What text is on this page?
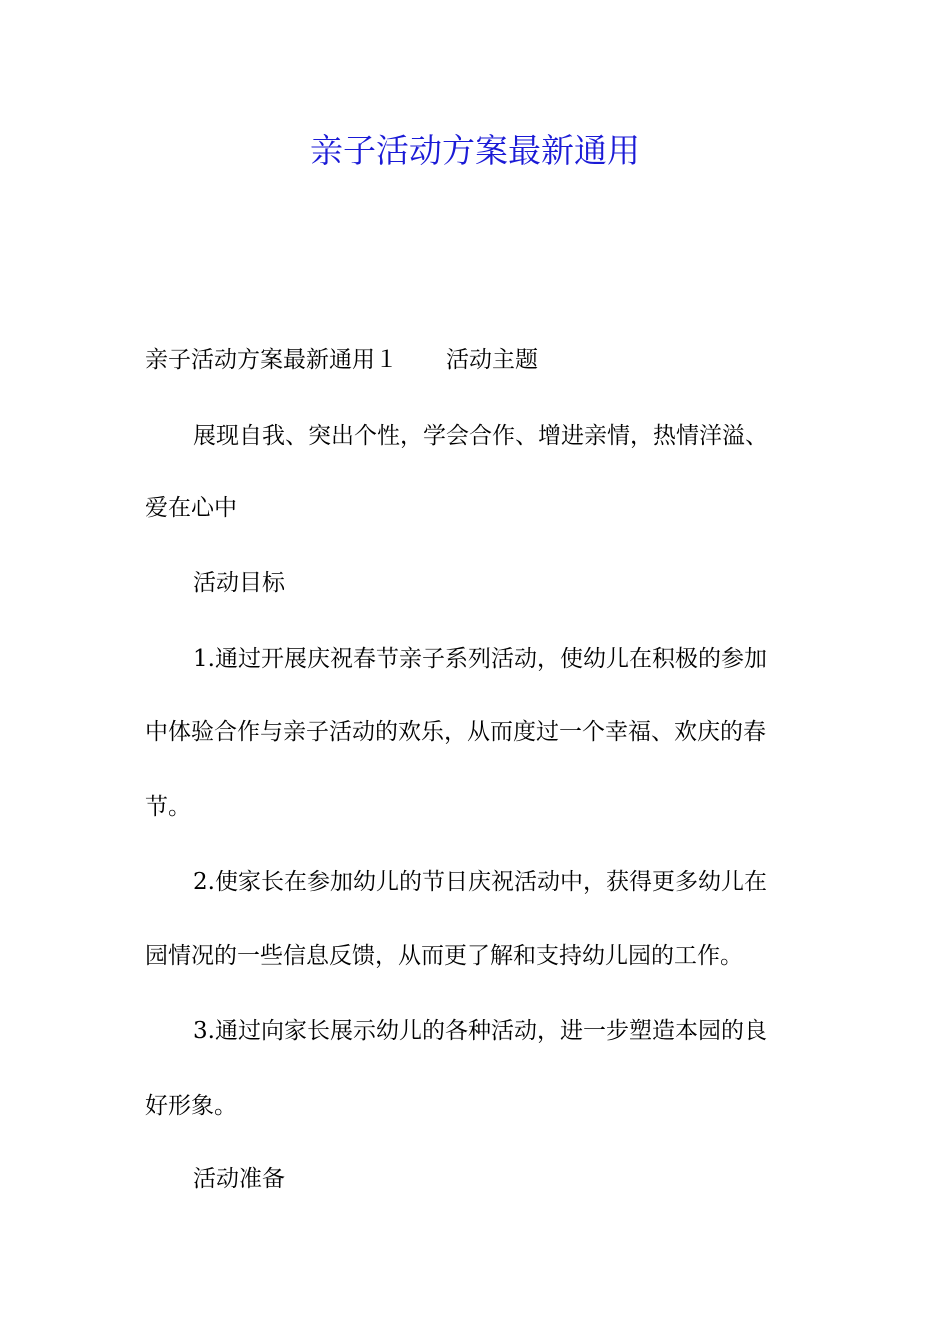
亲子活动方案最新通用

亲子活动方案最新通用１ 活动主题

展现自我、突出个性，学会合作、增进亲情，热情洋溢、

爱在心中

活动目标

1.通过开展庆祝春节亲子系列活动，使幼儿在积极的参加

中体验合作与亲子活动的欢乐，从而度过一个幸福、欢庆的春

节。

2.使家长在参加幼儿的节日庆祝活动中，获得更多幼儿在

园情况的一些信息反馈，从而更了解和支持幼儿园的工作。

3.通过向家长展示幼儿的各种活动，进一步塑造本园的良

好形象。

活动准备
